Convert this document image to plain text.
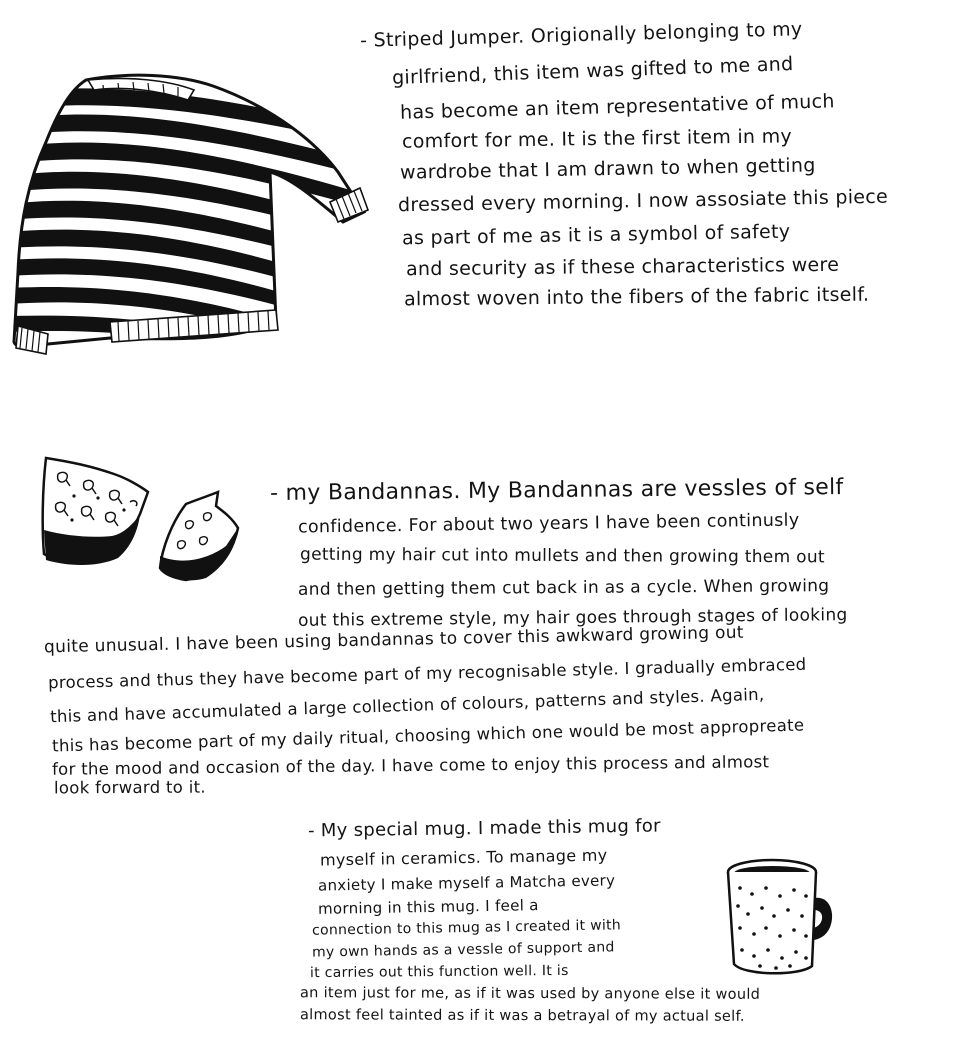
- Striped Jumper. Origionally belonging to my
girlfriend, this item was gifted to me and
has become an item representative of much
comfort for me. It is the first item in my
wardrobe that I am drawn to when getting
dressed every morning. I now assosiate this piece
as part of me as it is a symbol of safety
and security as if these characteristics were
almost woven into the fibers of the fabric itself.
- my Bandannas. My Bandannas are vessles of self
confidence. For about two years I have been continusly
getting my hair cut into mullets and then growing them out
and then getting them cut back in as a cycle. When growing
out this extreme style, my hair goes through stages of looking
quite unusual. I have been using bandannas to cover this awkward growing out
process and thus they have become part of my recognisable style. I gradually embraced
this and have accumulated a large collection of colours, patterns and styles. Again,
this has become part of my daily ritual, choosing which one would be most appropreate
for the mood and occasion of the day. I have come to enjoy this process and almost
look forward to it.
- My special mug. I made this mug for
myself in ceramics. To manage my
anxiety I make myself a Matcha every
morning in this mug. I feel a
connection to this mug as I created it with
my own hands as a vessle of support and
it carries out this function well. It is
an item just for me, as if it was used by anyone else it would
almost feel tainted as if it was a betrayal of my actual self.
